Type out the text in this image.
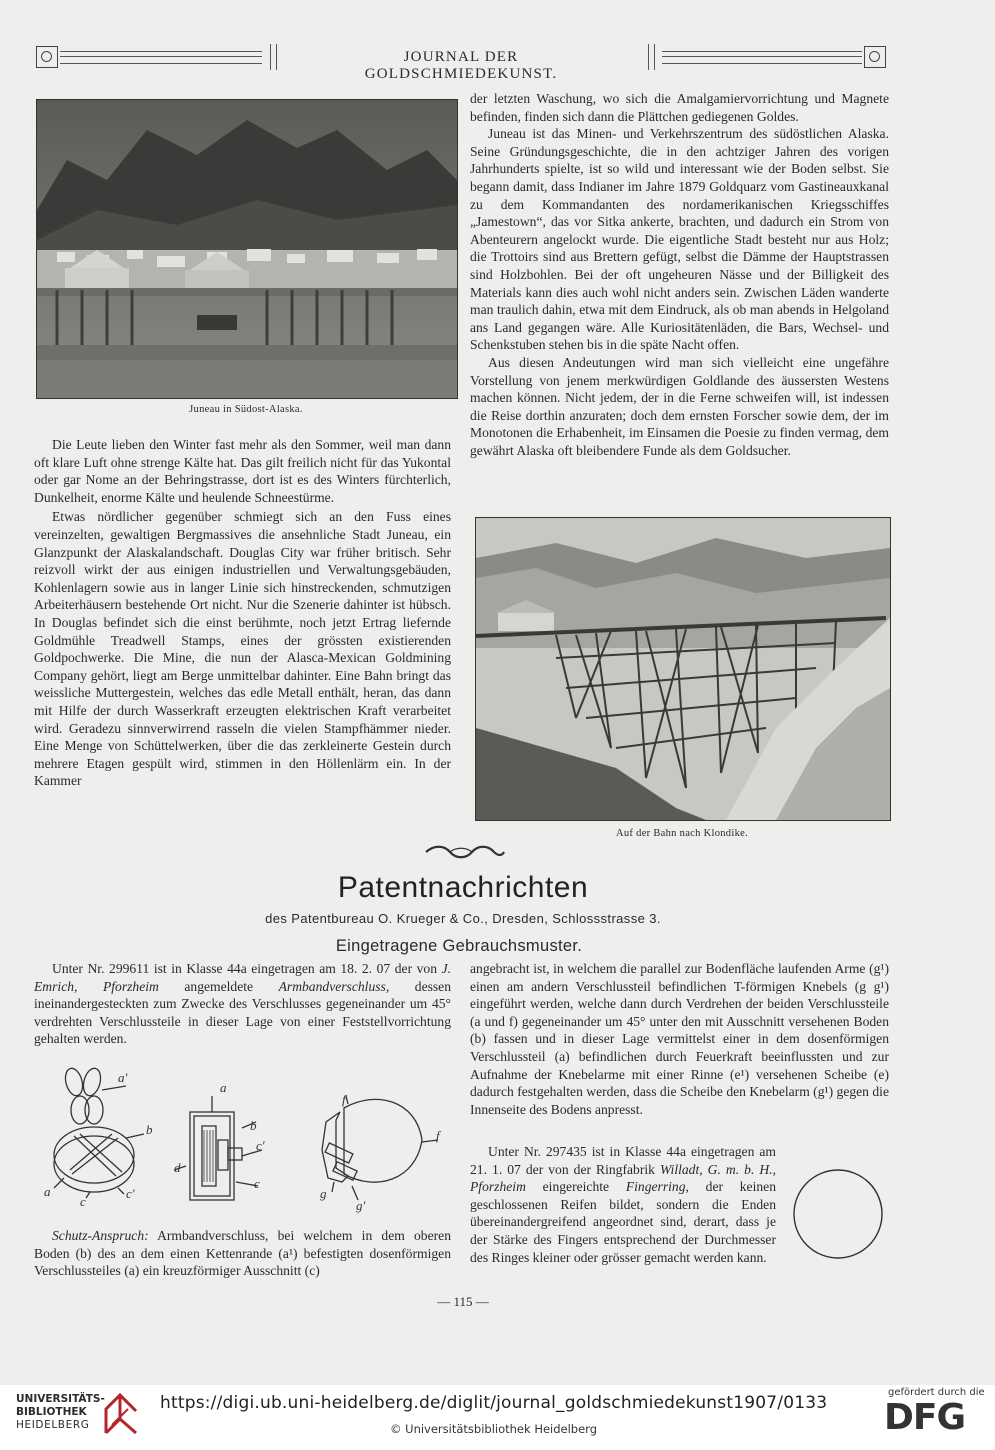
JOURNAL DER GOLDSCHMIEDEKUNST.
Juneau in Südost-Alaska.

Die Leute lieben den Winter fast mehr als den Sommer, weil man dann oft klare Luft ohne strenge Kälte hat. Das gilt freilich nicht für das Yukontal oder gar Nome an der Behringstrasse, dort ist es des Winters fürchterlich, Dunkelheit, enorme Kälte und heulende Schneestürme.

Etwas nördlicher gegenüber schmiegt sich an den Fuss eines vereinzelten, gewaltigen Bergmassives die ansehnliche Stadt Juneau, ein Glanzpunkt der Alaskalandschaft. Douglas City war früher britisch. Sehr reizvoll wirkt der aus einigen industriellen und Verwaltungsgebäuden, Kohlenlagern sowie aus in langer Linie sich hinstreckenden, schmutzigen Arbeiterhäusern bestehende Ort nicht. Nur die Szenerie dahinter ist hübsch. In Douglas befindet sich die einst berühmte, noch jetzt Ertrag liefernde Goldmühle Treadwell Stamps, eines der grössten existierenden Goldpochwerke. Die Mine, die nun der Alasca-Mexican Goldmining Company gehört, liegt am Berge unmittelbar dahinter. Eine Bahn bringt das weissliche Muttergestein, welches das edle Metall enthält, heran, das dann mit Hilfe der durch Wasserkraft erzeugten elektrischen Kraft verarbeitet wird. Geradezu sinnverwirrend rasseln die vielen Stampfhämmer nieder. Eine Menge von Schüttelwerken, über die das zerkleinerte Gestein durch mehrere Etagen gespült wird, stimmen in den Höllenlärm ein. In der Kammer

der letzten Waschung, wo sich die Amalgamiervorrichtung und Magnete befinden, finden sich dann die Plättchen gediegenen Goldes.

Juneau ist das Minen- und Verkehrszentrum des südöstlichen Alaska. Seine Gründungsgeschichte, die in den achtziger Jahren des vorigen Jahrhunderts spielte, ist so wild und interessant wie der Boden selbst. Sie begann damit, dass Indianer im Jahre 1879 Goldquarz vom Gastineauxkanal zu dem Kommandanten des nordamerikanischen Kriegsschiffes „Jamestown“, das vor Sitka ankerte, brachten, und dadurch ein Strom von Abenteurern angelockt wurde. Die eigentliche Stadt besteht nur aus Holz; die Trottoirs sind aus Brettern gefügt, selbst die Dämme der Hauptstrassen sind Holzbohlen. Bei der oft ungeheuren Nässe und der Billigkeit des Materials kann dies auch wohl nicht anders sein. Zwischen Läden wanderte man traulich dahin, etwa mit dem Eindruck, als ob man abends in Helgoland ans Land gegangen wäre. Alle Kuriositätenläden, die Bars, Wechsel- und Schenkstuben stehen bis in die späte Nacht offen.

Aus diesen Andeutungen wird man sich vielleicht eine ungefähre Vorstellung von jenem merkwürdigen Goldlande des äussersten Westens machen können. Nicht jedem, der in die Ferne schweifen will, ist indessen die Reise dorthin anzuraten; doch dem ernsten Forscher sowie dem, der im Monotonen die Erhabenheit, im Einsamen die Poesie zu finden vermag, dem gewährt Alaska oft bleibendere Funde als dem Goldsucher.

Auf der Bahn nach Klondike.
Patentnachrichten
des Patentbureau O. Krueger & Co., Dresden, Schlossstrasse 3.
Eingetragene Gebrauchsmuster.

Unter Nr. 299611 ist in Klasse 44a eingetragen am 18. 2. 07 der von J. Emrich, Pforzheim angemeldete Armbandverschluss, dessen ineinandergesteckten zum Zwecke des Verschlusses gegeneinander um 45° verdrehten Verschlussteile in dieser Lage von einer Feststellvorrichtung gehalten werden.

a'
b
a
c
c'
a
b
c'
d
c
f
f
g
g'

Schutz-Anspruch: Armbandverschluss, bei welchem in dem oberen Boden (b) des an dem einen Kettenrande (a¹) befestigten dosenförmigen Verschlussteiles (a) ein kreuzförmiger Ausschnitt (c)

angebracht ist, in welchem die parallel zur Bodenfläche laufenden Arme (g¹) einen am andern Verschlussteil befindlichen T-förmigen Knebels (g g¹) eingeführt werden, welche dann durch Verdrehen der beiden Verschlussteile (a und f) gegeneinander um 45° unter den mit Ausschnitt versehenen Boden (b) fassen und in dieser Lage vermittelst einer in dem dosenförmigen Verschlussteil (a) befindlichen durch Feuerkraft beeinflussten und zur Aufnahme der Knebelarme mit einer Rinne (e¹) versehenen Scheibe (e) dadurch festgehalten werden, dass die Scheibe den Knebelarm (g¹) gegen die Innenseite des Bodens anpresst.

Unter Nr. 297435 ist in Klasse 44a eingetragen am 21. 1. 07 der von der Ringfabrik Willadt, G. m. b. H., Pforzheim eingereichte Fingerring, der keinen geschlossenen Reifen bildet, sondern die Enden übereinandergreifend angeordnet sind, derart, dass je der Stärke des Fingers entsprechend der Durchmesser des Ringes kleiner oder grösser gemacht werden kann.

— 115 —
UNIVERSITÄTS-
BIBLIOTHEK
HEIDELBERG
https://digi.ub.uni-heidelberg.de/diglit/journal_goldschmiedekunst1907/0133
© Universitätsbibliothek Heidelberg
gefördert durch die
DFG
